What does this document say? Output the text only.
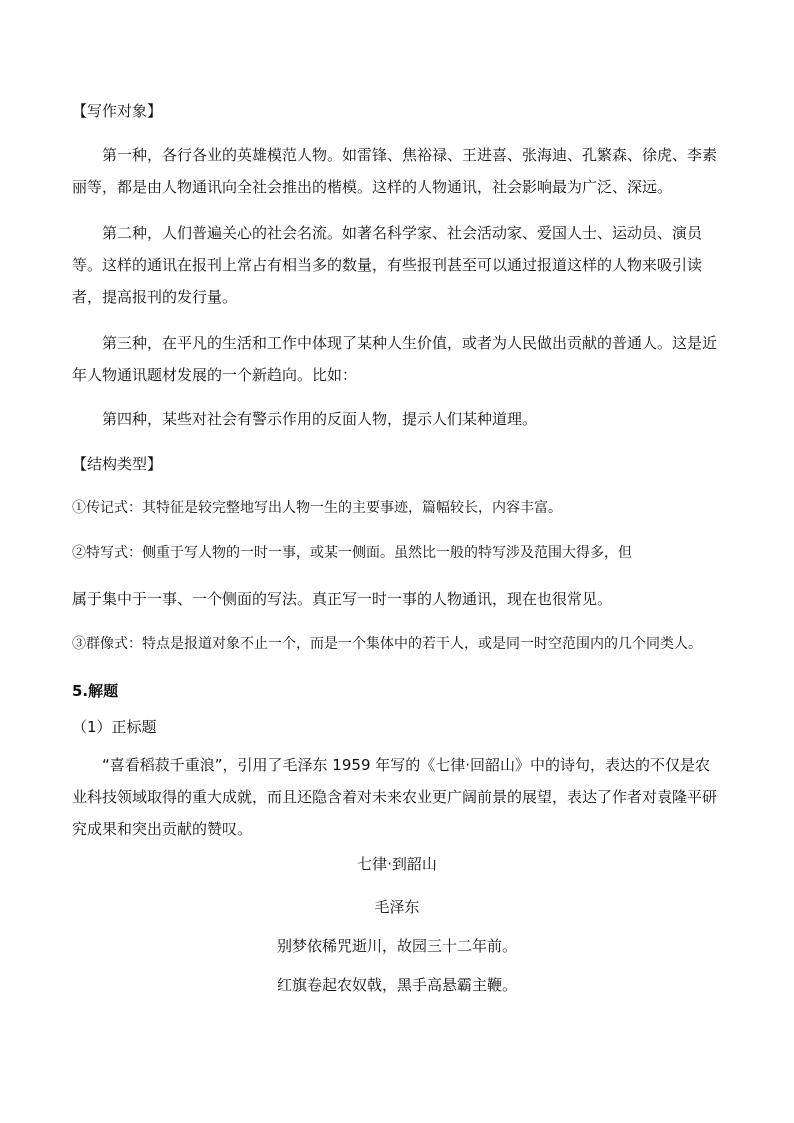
【写作对象】

第一种，各行各业的英雄模范人物。如雷锋、焦裕禄、王进喜、张海迪、孔繁森、徐虎、李素丽等，都是由人物通讯向全社会推出的楷模。这样的人物通讯，社会影响最为广泛、深远。

第二种，人们普遍关心的社会名流。如著名科学家、社会活动家、爱国人士、运动员、演员等。这样的通讯在报刊上常占有相当多的数量，有些报刊甚至可以通过报道这样的人物来吸引读者，提高报刊的发行量。

第三种，在平凡的生活和工作中体现了某种人生价值，或者为人民做出贡献的普通人。这是近年人物通讯题材发展的一个新趋向。比如：

第四种，某些对社会有警示作用的反面人物，提示人们某种道理。

【结构类型】

①传记式：其特征是较完整地写出人物一生的主要事迹，篇幅较长，内容丰富。

②特写式：侧重于写人物的一时一事，或某一侧面。虽然比一般的特写涉及范围大得多，但

属于集中于一事、一个侧面的写法。真正写一时一事的人物通讯，现在也很常见。

③群像式：特点是报道对象不止一个，而是一个集体中的若干人，或是同一时空范围内的几个同类人。

5.解题

（1）正标题

“喜看稻菽千重浪”，引用了毛泽东 1959 年写的《七律·回韶山》中的诗句，表达的不仅是农业科技领域取得的重大成就，而且还隐含着对未来农业更广阔前景的展望，表达了作者对袁隆平研究成果和突出贡献的赞叹。

七律·到韶山

毛泽东

别梦依稀咒逝川，故园三十二年前。

红旗卷起农奴戟，黑手高悬霸主鞭。
